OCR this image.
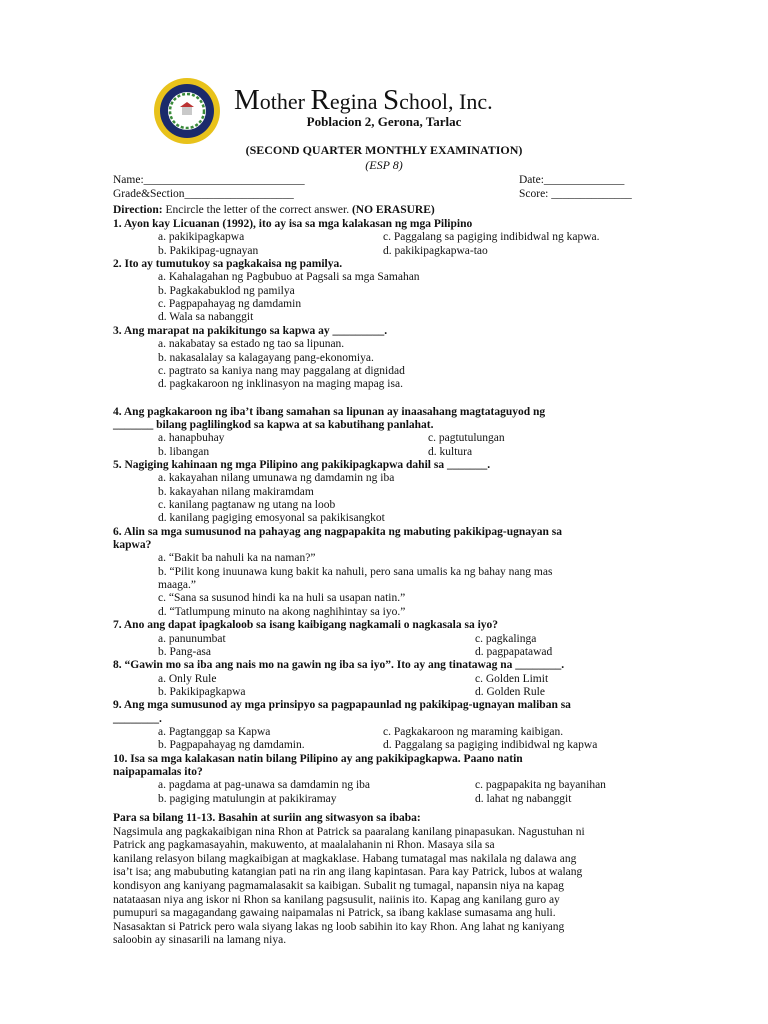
Mother Regina School, Inc.
Poblacion 2, Gerona, Tarlac
(SECOND QUARTER MONTHLY EXAMINATION)
(ESP 8)
Name:____________________________	Date:______________
Grade&Section___________________	Score: ______________
Direction: Encircle the letter of the correct answer. (NO ERASURE)
1. Ayon kay Licuanan (1992), ito ay isa sa mga kalakasan ng mga Pilipino
a. pakikipagkapwa	c. Paggalang sa pagiging indibidwal ng kapwa.
b. Pakikipag-ugnayan	d. pakikipagkapwa-tao
2. Ito ay tumutukoy sa pagkakaisa ng pamilya.
a. Kahalagahan ng Pagbubuo at Pagsali sa mga Samahan
b. Pagkakabuklod ng pamilya
c. Pagpapahayag ng damdamin
d. Wala sa nabanggit
3. Ang marapat na pakikitungo sa kapwa ay _________.
a. nakabatay sa estado ng tao sa lipunan.
b. nakasalalay sa kalagayang pang-ekonomiya.
c. pagtrato sa kaniya nang may paggalang at dignidad
d. pagkakaroon ng inklinasyon na maging mapag isa.
4. Ang pagkakaroon ng iba’t ibang samahan sa lipunan ay inaasahang magtataguyod ng
_______ bilang paglilingkod sa kapwa at sa kabutihang panlahat.
a. hanapbuhay	c. pagtutulungan
b. libangan	d. kultura
5. Nagiging kahinaan ng mga Pilipino ang pakikipagkapwa dahil sa _______.
a. kakayahan nilang umunawa ng damdamin ng iba
b. kakayahan nilang makiramdam
c. kanilang pagtanaw ng utang na loob
d. kanilang pagiging emosyonal sa pakikisangkot
6. Alin sa mga sumusunod na pahayag ang nagpapakita ng mabuting pakikipag-ugnayan sa
kapwa?
a. “Bakit ba nahuli ka na naman?”
b. “Pilit kong inuunawa kung bakit ka nahuli, pero sana umalis ka ng bahay nang mas
maaga.”
c. “Sana sa susunod hindi ka na huli sa usapan natin.”
d. “Tatlumpung minuto na akong naghihintay sa iyo.”
7. Ano ang dapat ipagkaloob sa isang kaibigang nagkamali o nagkasala sa iyo?
a. panunumbat	c. pagkalinga
b. Pang-asa	d. pagpapatawad
8. “Gawin mo sa iba ang nais mo na gawin ng iba sa iyo”. Ito ay ang tinatawag na ________.
a. Only Rule	c. Golden Limit
b. Pakikipagkapwa	d. Golden Rule
9. Ang mga sumusunod ay mga prinsipyo sa pagpapaunlad ng pakikipag-ugnayan maliban sa
________.
a. Pagtanggap sa Kapwa	c. Pagkakaroon ng maraming kaibigan.
b. Pagpapahayag ng damdamin.	d. Paggalang sa pagiging indibidwal ng kapwa
10. Isa sa mga kalakasan natin bilang Pilipino ay ang pakikipagkapwa. Paano natin
naipapamalas ito?
a. pagdama at pag-unawa sa damdamin ng iba	c. pagpapakita ng bayanihan
b. pagiging matulungin at pakikiramay	d. lahat ng nabanggit
Para sa bilang 11-13. Basahin at suriin ang sitwasyon sa ibaba:
Nagsimula ang pagkakaibigan nina Rhon at Patrick sa paaralang kanilang pinapasukan. Nagustuhan ni
Patrick ang pagkamasayahin, makuwento, at maalalahanin ni Rhon. Masaya sila sa
kanilang relasyon bilang magkaibigan at magkaklase. Habang tumatagal mas nakilala ng dalawa ang
isa’t isa; ang mabubuting katangian pati na rin ang ilang kapintasan. Para kay Patrick, lubos at walang
kondisyon ang kaniyang pagmamalasakit sa kaibigan. Subalit ng tumagal, napansin niya na kapag
natataasan niya ang iskor ni Rhon sa kanilang pagsusulit, naiinis ito. Kapag ang kanilang guro ay
pumupuri sa magagandang gawaing naipamalas ni Patrick, sa ibang kaklase sumasama ang huli.
Nasasaktan si Patrick pero wala siyang lakas ng loob sabihin ito kay Rhon. Ang lahat ng kaniyang
saloobin ay sinasarili na lamang niya.
